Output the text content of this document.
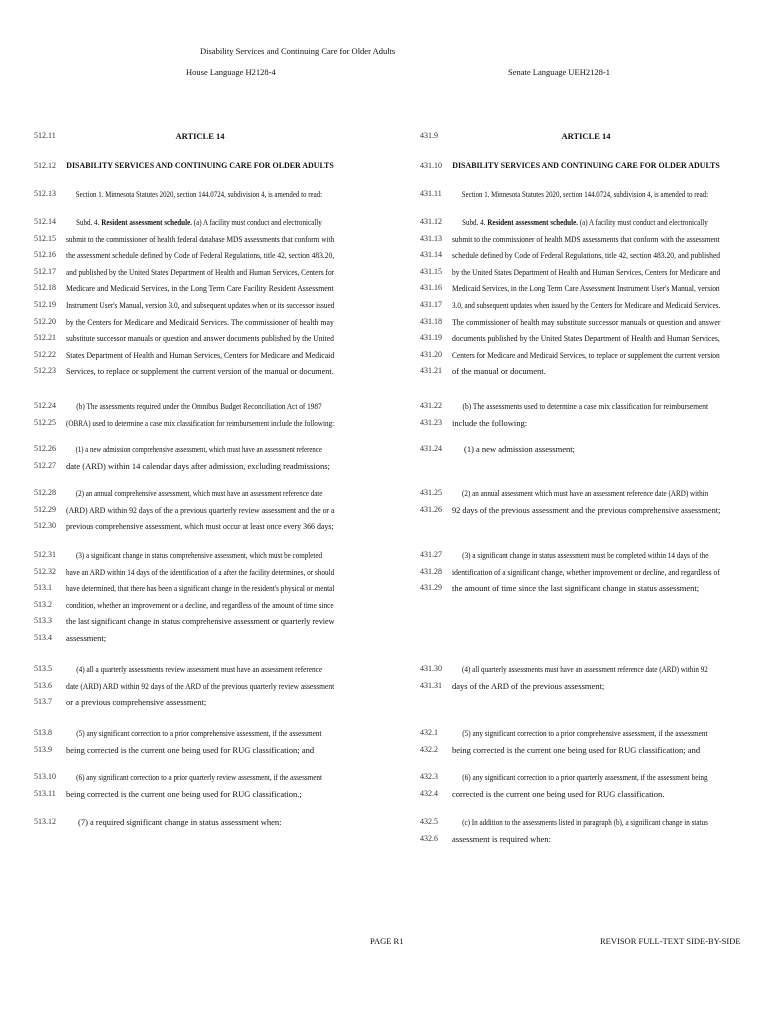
Disability Services and Continuing Care for Older Adults
House Language H2128-4	Senate Language UEH2128-1
512.11	ARTICLE 14
512.12	DISABILITY SERVICES AND CONTINUING CARE FOR OLDER ADULTS
512.13	Section 1. Minnesota Statutes 2020, section 144.0724, subdivision 4, is amended to read:
512.14	Subd. 4. Resident assessment schedule. (a) A facility must conduct and electronically
512.15	submit to the commissioner of health federal database MDS assessments that conform with
512.16	the assessment schedule defined by Code of Federal Regulations, title 42, section 483.20,
512.17	and published by the United States Department of Health and Human Services, Centers for
512.18	Medicare and Medicaid Services, in the Long Term Care Facility Resident Assessment
512.19	Instrument User's Manual, version 3.0, and subsequent updates when or its successor issued
512.20	by the Centers for Medicare and Medicaid Services. The commissioner of health may
512.21	substitute successor manuals or question and answer documents published by the United
512.22	States Department of Health and Human Services, Centers for Medicare and Medicaid
512.23	Services, to replace or supplement the current version of the manual or document.
512.24	(b) The assessments required under the Omnibus Budget Reconciliation Act of 1987
512.25	(OBRA) used to determine a case mix classification for reimbursement include the following:
512.26	(1) a new admission comprehensive assessment, which must have an assessment reference
512.27	date (ARD) within 14 calendar days after admission, excluding readmissions;
512.28	(2) an annual comprehensive assessment, which must have an assessment reference date
512.29	(ARD) ARD within 92 days of the a previous quarterly review assessment and the or a
512.30	previous comprehensive assessment, which must occur at least once every 366 days;
512.31	(3) a significant change in status comprehensive assessment, which must be completed
512.32	have an ARD within 14 days of the identification of a after the facility determines, or should
513.1	have determined, that there has been a significant change in the resident's physical or mental
513.2	condition, whether an improvement or a decline, and regardless of the amount of time since
513.3	the last significant change in status comprehensive assessment or quarterly review
513.4	assessment;
513.5	(4) all a quarterly assessments review assessment must have an assessment reference
513.6	date (ARD) ARD within 92 days of the ARD of the previous quarterly review assessment
513.7	or a previous comprehensive assessment;
513.8	(5) any significant correction to a prior comprehensive assessment, if the assessment
513.9	being corrected is the current one being used for RUG classification; and
513.10	(6) any significant correction to a prior quarterly review assessment, if the assessment
513.11	being corrected is the current one being used for RUG classification.;
513.12	(7) a required significant change in status assessment when:
431.9	ARTICLE 14
431.10	DISABILITY SERVICES AND CONTINUING CARE FOR OLDER ADULTS
431.11	Section 1. Minnesota Statutes 2020, section 144.0724, subdivision 4, is amended to read:
431.12	Subd. 4. Resident assessment schedule. (a) A facility must conduct and electronically
431.13	submit to the commissioner of health MDS assessments that conform with the assessment
431.14	schedule defined by Code of Federal Regulations, title 42, section 483.20, and published
431.15	by the United States Department of Health and Human Services, Centers for Medicare and
431.16	Medicaid Services, in the Long Term Care Assessment Instrument User's Manual, version
431.17	3.0, and subsequent updates when issued by the Centers for Medicare and Medicaid Services.
431.18	The commissioner of health may substitute successor manuals or question and answer
431.19	documents published by the United States Department of Health and Human Services,
431.20	Centers for Medicare and Medicaid Services, to replace or supplement the current version
431.21	of the manual or document.
431.22	(b) The assessments used to determine a case mix classification for reimbursement
431.23	include the following:
431.24	(1) a new admission assessment;
431.25	(2) an annual assessment which must have an assessment reference date (ARD) within
431.26	92 days of the previous assessment and the previous comprehensive assessment;
431.27	(3) a significant change in status assessment must be completed within 14 days of the
431.28	identification of a significant change, whether improvement or decline, and regardless of
431.29	the amount of time since the last significant change in status assessment;
431.30	(4) all quarterly assessments must have an assessment reference date (ARD) within 92
431.31	days of the ARD of the previous assessment;
432.1	(5) any significant correction to a prior comprehensive assessment, if the assessment
432.2	being corrected is the current one being used for RUG classification; and
432.3	(6) any significant correction to a prior quarterly assessment, if the assessment being
432.4	corrected is the current one being used for RUG classification.
432.5	(c) In addition to the assessments listed in paragraph (b), a significant change in status
432.6	assessment is required when:
PAGE R1	REVISOR FULL-TEXT SIDE-BY-SIDE
